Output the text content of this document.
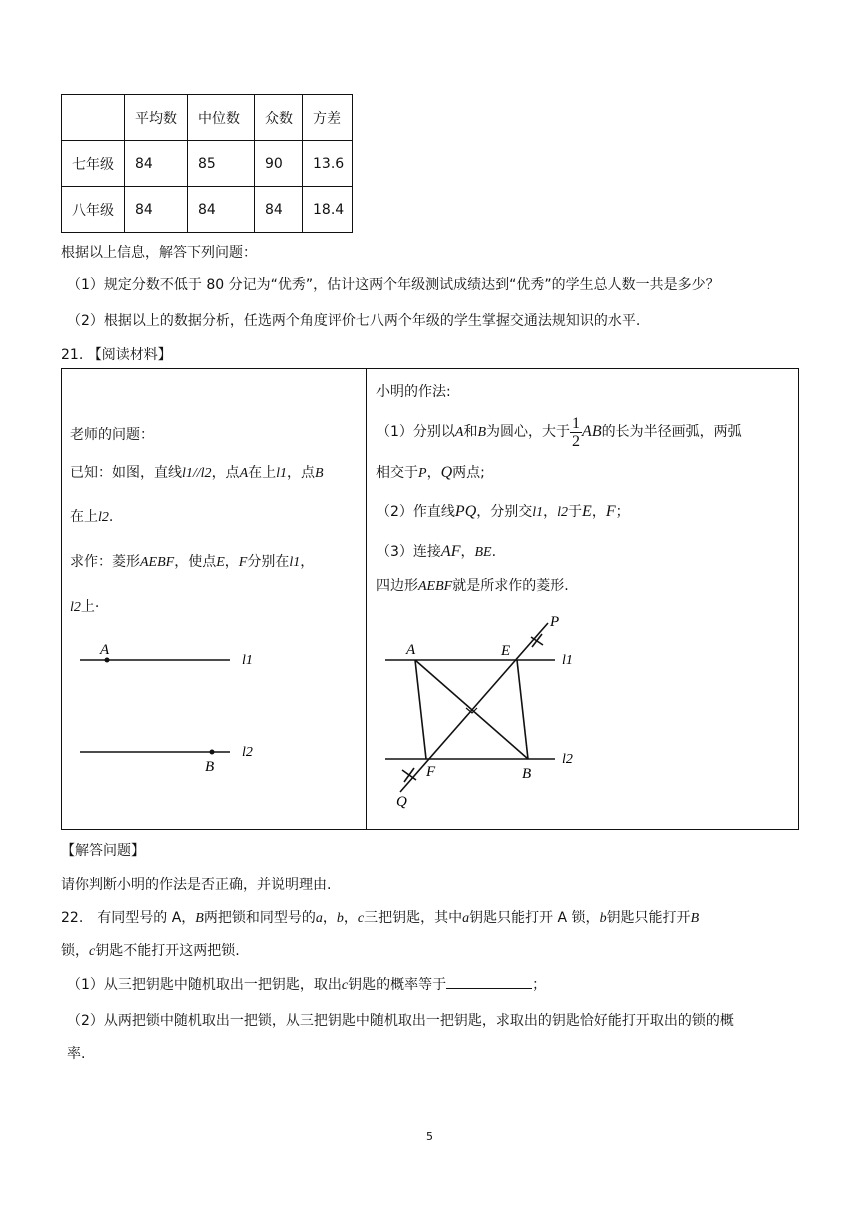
	平均数	中位数	众数	方差
七年级	84	85	90	13.6
八年级	84	84	84	18.4
根据以上信息，解答下列问题：
（1）规定分数不低于 80 分记为“优秀”，估计这两个年级测试成绩达到“优秀”的学生总人数一共是多少？
（2）根据以上的数据分析，任选两个角度评价七八两个年级的学生掌握交通法规知识的水平.
21. 【阅读材料】
老师的问题：
已知：如图，直线l1//l2，点A在上l1，点B
在上l2.
求作：菱形AEBF，使点E，F分别在l1，
l2上·
A
l1
B
l2
小明的作法:
（1）分别以A和B为圆心，大于 $\frac{1}{2}$ AB的长为半径画弧，两弧
相交于P，Q两点;
（2）作直线PQ，分别交l1，l2于E，F；
（3）连接AF，BE.
四边形AEBF就是所求作的菱形.
A	E
P
l1
l2
F	B
Q
【解答问题】
请你判断小明的作法是否正确，并说明理由.
22.　有同型号的 A，B两把锁和同型号的a，b，c三把钥匙，其中a钥匙只能打开 A 锁，b钥匙只能打开B
锁，c钥匙不能打开这两把锁.
（1）从三把钥匙中随机取出一把钥匙，取出c钥匙的概率等于	；
（2）从两把锁中随机取出一把锁，从三把钥匙中随机取出一把钥匙，求取出的钥匙恰好能打开取出的锁的概
率.
5
